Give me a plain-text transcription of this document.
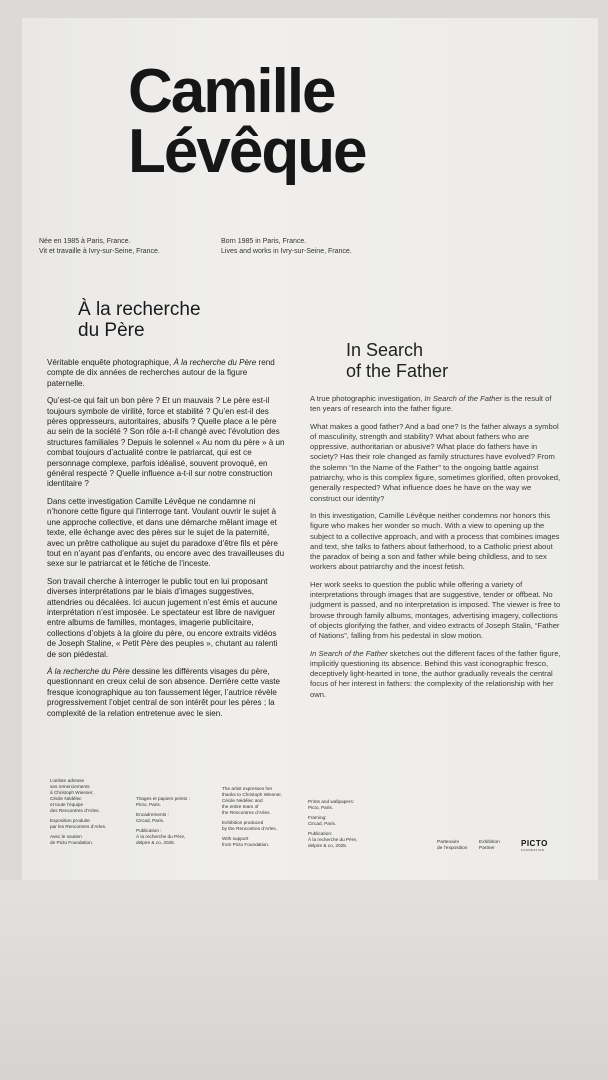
Camille
Lévêque
Née en 1985 à Paris, France.
Vit et travaille à Ivry-sur-Seine, France.
Born 1985 in Paris, France.
Lives and works in Ivry-sur-Seine, France.
À la recherche
du Père
In Search
of the Father

Véritable enquête photographique, À la recherche du Père rend compte de dix années de recherches autour de la figure paternelle.

Qu’est-ce qui fait un bon père ? Et un mauvais ? Le père est-il toujours symbole de virilité, force et stabilité ? Qu’en est-il des pères oppresseurs, autoritaires, abusifs ? Quelle place a le père au sein de la société ? Son rôle a-t-il changé avec l’évolution des structures familiales ? Depuis le solennel « Au nom du père » à un combat toujours d’actualité contre le patriarcat, qui est ce personnage complexe, parfois idéalisé, souvent provoqué, en général respecté ? Quelle influence a-t-il sur notre construction identitaire ?

Dans cette investigation Camille Lévêque ne condamne ni n’honore cette figure qui l’interroge tant. Voulant ouvrir le sujet à une approche collective, et dans une démarche mêlant image et texte, elle échange avec des pères sur le sujet de la paternité, avec un prêtre catholique au sujet du paradoxe d’être fils et père tout en n’ayant pas d’enfants, ou encore avec des travailleuses du sexe sur le patriarcat et le fétiche de l’inceste.

Son travail cherche à interroger le public tout en lui proposant diverses interprétations par le biais d’images suggestives, attendries ou décalées. Ici aucun jugement n’est émis et aucune interprétation n’est imposée. Le spectateur est libre de naviguer entre albums de familles, montages, imagerie publicitaire, collections d’objets à la gloire du père, ou encore extraits vidéos de Joseph Staline, « Petit Père des peuples », chutant au ralenti de son piédestal.

À la recherche du Père dessine les différents visages du père, questionnant en creux celui de son absence. Derrière cette vaste fresque iconographique au ton faussement léger, l’autrice révèle progressivement l’objet central de son intérêt pour les pères ; la complexité de la relation entretenue avec le sien.

A true photographic investigation, In Search of the Father is the result of ten years of research into the father figure.

What makes a good father? And a bad one? Is the father always a symbol of masculinity, strength and stability? What about fathers who are oppressive, authoritarian or abusive? What place do fathers have in society? Has their role changed as family structures have evolved? From the solemn “In the Name of the Father” to the ongoing battle against patriarchy, who is this complex figure, sometimes glorified, often provoked, generally respected? What influence does he have on the way we construct our identity?

In this investigation, Camille Lévêque neither condemns nor honors this figure who makes her wonder so much. With a view to opening up the subject to a collective approach, and with a process that combines images and text, she talks to fathers about fatherhood, to a Catholic priest about the paradox of being a son and father while being childless, and to sex workers about patriarchy and the incest fetish.

Her work seeks to question the public while offering a variety of interpretations through images that are suggestive, tender or offbeat. No judgment is passed, and no interpretation is imposed. The viewer is free to browse through family albums, montages, advertising imagery, collections of objects glorifying the father, and video extracts of Joseph Stalin, “Father of Nations”, falling from his pedestal in slow motion.

In Search of the Father sketches out the different faces of the father figure, implicitly questioning its absence. Behind this vast iconographic fresco, deceptively light-hearted in tone, the author gradually reveals the central focus of her interest in fathers: the complexity of the relationship with her own.

L’artiste adresse
ses remerciements
à Christoph Wiesner,
Cécile Nédélec
et toute l’équipe
des Rencontres d’Arles.
Exposition produite
par les Rencontres d’Arles.
Avec le soutien
de Picto Foundation.
Tirages et papiers peints :
Picto, Paris.
Encadrements :
Circad, Paris.
Publication :
À la recherche du Père,
delpire & co, 2025.
The artist expresses her
thanks to Christoph Wiesner,
Cécile Nédélec and
the entire team of
the Rencontres d’Arles.
Exhibition produced
by the Rencontres d’Arles.
With support
from Picto Foundation.
Prints and wallpapers:
Picto, Paris.
Framing:
Circad, Paris.
Publication:
À la recherche du Père,
delpire & co, 2025.
Partenaire
de l’exposition
Exhibition
Partner
PICTO
FOUNDATION
